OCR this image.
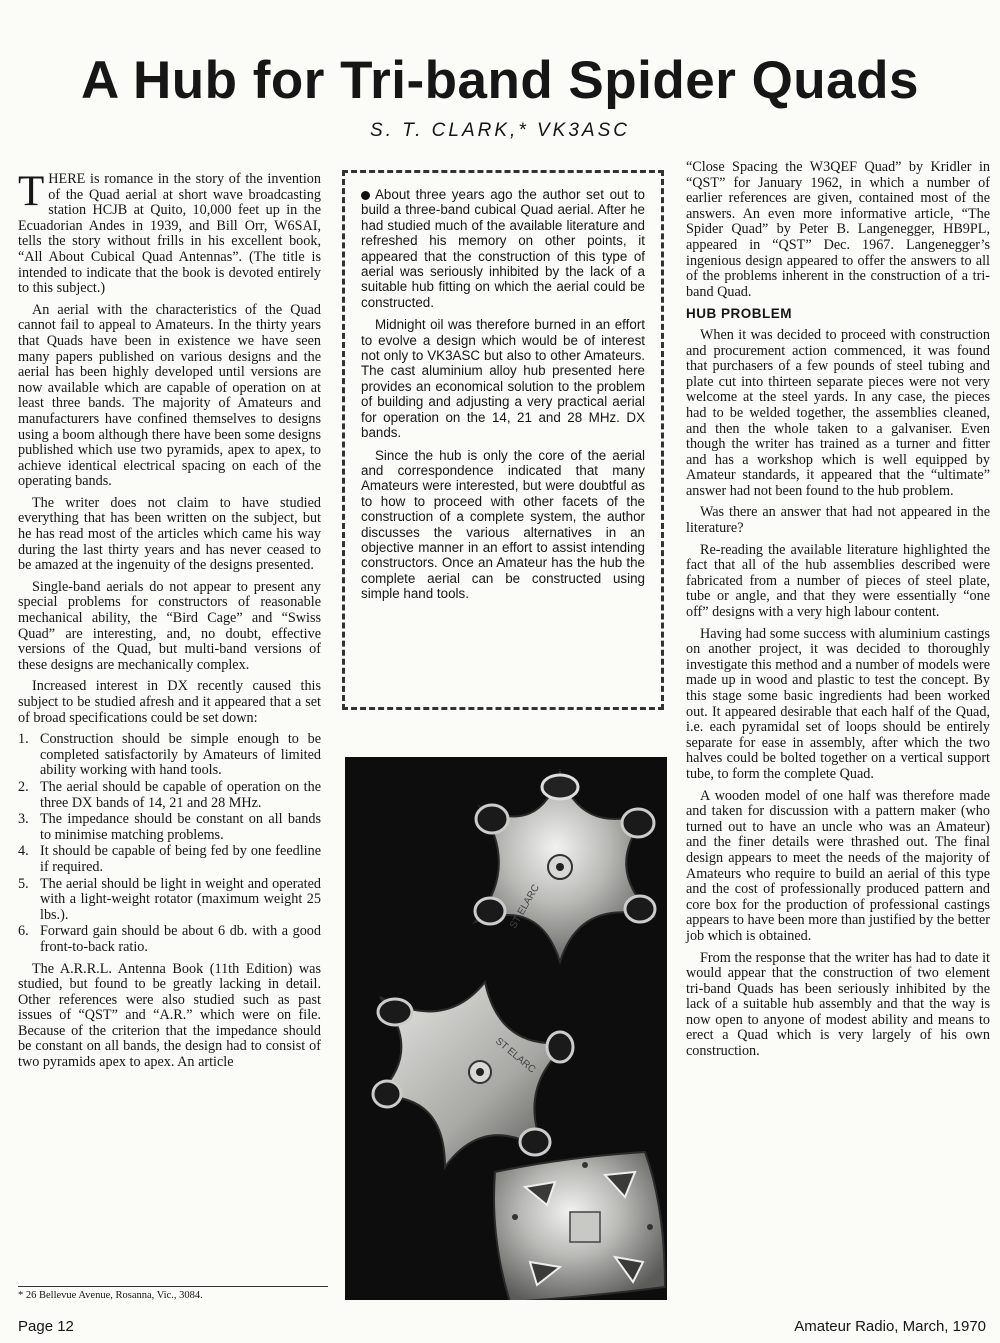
A Hub for Tri-band Spider Quads
S. T. CLARK,* VK3ASC

THERE is romance in the story of the invention of the Quad aerial at short wave broadcasting station HCJB at Quito, 10,000 feet up in the Ecuadorian Andes in 1939, and Bill Orr, W6SAI, tells the story without frills in his excellent book, “All About Cubical Quad Antennas”. (The title is intended to indicate that the book is devoted entirely to this subject.)

An aerial with the characteristics of the Quad cannot fail to appeal to Amateurs. In the thirty years that Quads have been in existence we have seen many papers published on various designs and the aerial has been highly developed until versions are now available which are capable of operation on at least three bands. The majority of Amateurs and manufacturers have confined themselves to designs using a boom although there have been some designs published which use two pyramids, apex to apex, to achieve identical electrical spacing on each of the operating bands.

The writer does not claim to have studied everything that has been written on the subject, but he has read most of the articles which came his way during the last thirty years and has never ceased to be amazed at the ingenuity of the designs presented.

Single-band aerials do not appear to present any special problems for constructors of reasonable mechanical ability, the “Bird Cage” and “Swiss Quad” are interesting, and, no doubt, effective versions of the Quad, but multi-band versions of these designs are mechanically complex.

Increased interest in DX recently caused this subject to be studied afresh and it appeared that a set of broad specifications could be set down:

1. Construction should be simple enough to be completed satisfactorily by Amateurs of limited ability working with hand tools.
2. The aerial should be capable of operation on the three DX bands of 14, 21 and 28 MHz.
3. The impedance should be constant on all bands to minimise matching problems.
4. It should be capable of being fed by one feedline if required.
5. The aerial should be light in weight and operated with a light-weight rotator (maximum weight 25 lbs.).
6. Forward gain should be about 6 db. with a good front-to-back ratio.

The A.R.R.L. Antenna Book (11th Edition) was studied, but found to be greatly lacking in detail. Other references were also studied such as past issues of “QST” and “A.R.” which were on file. Because of the criterion that the impedance should be constant on all bands, the design had to consist of two pyramids apex to apex. An article

* 26 Bellevue Avenue, Rosanna, Vic., 3084.

About three years ago the author set out to build a three-band cubical Quad aerial. After he had studied much of the available literature and refreshed his memory on other points, it appeared that the construction of this type of aerial was seriously inhibited by the lack of a suitable hub fitting on which the aerial could be constructed.

Midnight oil was therefore burned in an effort to evolve a design which would be of interest not only to VK3ASC but also to other Amateurs. The cast aluminium alloy hub presented here provides an economical solution to the problem of building and adjusting a very practical aerial for operation on the 14, 21 and 28 MHz. DX bands.

Since the hub is only the core of the aerial and correspondence indicated that many Amateurs were interested, but were doubtful as to how to proceed with other facets of the construction of a complete system, the author discusses the various alternatives in an objective manner in an effort to assist intending constructors. Once an Amateur has the hub the complete aerial can be constructed using simple hand tools.

ST ELARC
ST ELARC

“Close Spacing the W3QEF Quad” by Kridler in “QST” for January 1962, in which a number of earlier references are given, contained most of the answers. An even more informative article, “The Spider Quad” by Peter B. Langenegger, HB9PL, appeared in “QST” Dec. 1967. Langenegger’s ingenious design appeared to offer the answers to all of the problems inherent in the construction of a tri-band Quad.

HUB PROBLEM

When it was decided to proceed with construction and procurement action commenced, it was found that purchasers of a few pounds of steel tubing and plate cut into thirteen separate pieces were not very welcome at the steel yards. In any case, the pieces had to be welded together, the assemblies cleaned, and then the whole taken to a galvaniser. Even though the writer has trained as a turner and fitter and has a workshop which is well equipped by Amateur standards, it appeared that the “ultimate” answer had not been found to the hub problem.

Was there an answer that had not appeared in the literature?

Re-reading the available literature highlighted the fact that all of the hub assemblies described were fabricated from a number of pieces of steel plate, tube or angle, and that they were essentially “one off” designs with a very high labour content.

Having had some success with aluminium castings on another project, it was decided to thoroughly investigate this method and a number of models were made up in wood and plastic to test the concept. By this stage some basic ingredients had been worked out. It appeared desirable that each half of the Quad, i.e. each pyramidal set of loops should be entirely separate for ease in assembly, after which the two halves could be bolted together on a vertical support tube, to form the complete Quad.

A wooden model of one half was therefore made and taken for discussion with a pattern maker (who turned out to have an uncle who was an Amateur) and the finer details were thrashed out. The final design appears to meet the needs of the majority of Amateurs who require to build an aerial of this type and the cost of professionally produced pattern and core box for the production of professional castings appears to have been more than justified by the better job which is obtained.

From the response that the writer has had to date it would appear that the construction of two element tri-band Quads has been seriously inhibited by the lack of a suitable hub assembly and that the way is now open to anyone of modest ability and means to erect a Quad which is very largely of his own construction.

Page 12	Amateur Radio, March, 1970
